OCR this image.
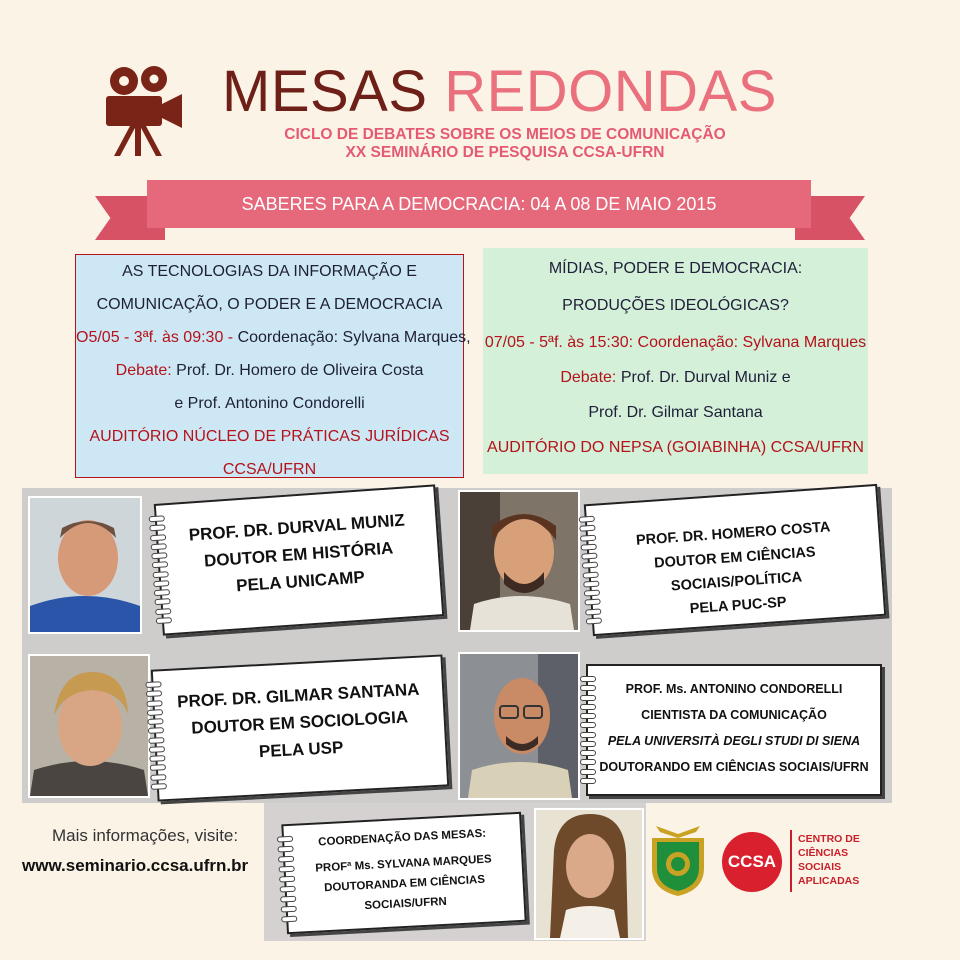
MESAS REDONDAS
CICLO DE DEBATES SOBRE OS MEIOS DE COMUNICAÇÃO
XX SEMINÁRIO DE PESQUISA CCSA-UFRN
SABERES PARA A DEMOCRACIA: 04 A 08 DE MAIO 2015
AS TECNOLOGIAS DA INFORMAÇÃO E
COMUNICAÇÃO, O PODER E A DEMOCRACIA
O5/05 - 3ªf. às 09:30 - Coordenação: Sylvana Marques,
Debate: Prof. Dr. Homero de Oliveira Costa
e Prof. Antonino Condorelli
AUDITÓRIO NÚCLEO DE PRÁTICAS JURÍDICAS
CCSA/UFRN
MÍDIAS, PODER E DEMOCRACIA:
PRODUÇÕES IDEOLÓGICAS?
07/05 - 5ªf. às 15:30: Coordenação: Sylvana Marques
Debate: Prof. Dr. Durval Muniz e
Prof. Dr. Gilmar Santana
AUDITÓRIO DO NEPSA (GOIABINHA) CCSA/UFRN
PROF. DR. DURVAL MUNIZ
DOUTOR EM HISTÓRIA
PELA UNICAMP
PROF. DR. HOMERO COSTA
DOUTOR EM CIÊNCIAS SOCIAIS/POLÍTICA
PELA PUC-SP
PROF. DR. GILMAR SANTANA
DOUTOR EM SOCIOLOGIA
PELA USP
PROF. Ms. ANTONINO CONDORELLI
CIENTISTA DA COMUNICAÇÃO
PELA UNIVERSITÀ DEGLI STUDI DI SIENA
DOUTORANDO EM CIÊNCIAS SOCIAIS/UFRN
Mais informações, visite:
www.seminario.ccsa.ufrn.br
COORDENAÇÃO DAS MESAS:
PROFª Ms. SYLVANA MARQUES
DOUTORANDA EM CIÊNCIAS SOCIAIS/UFRN
CCSA
CENTRO DE
CIÊNCIAS
SOCIAIS
APLICADAS
